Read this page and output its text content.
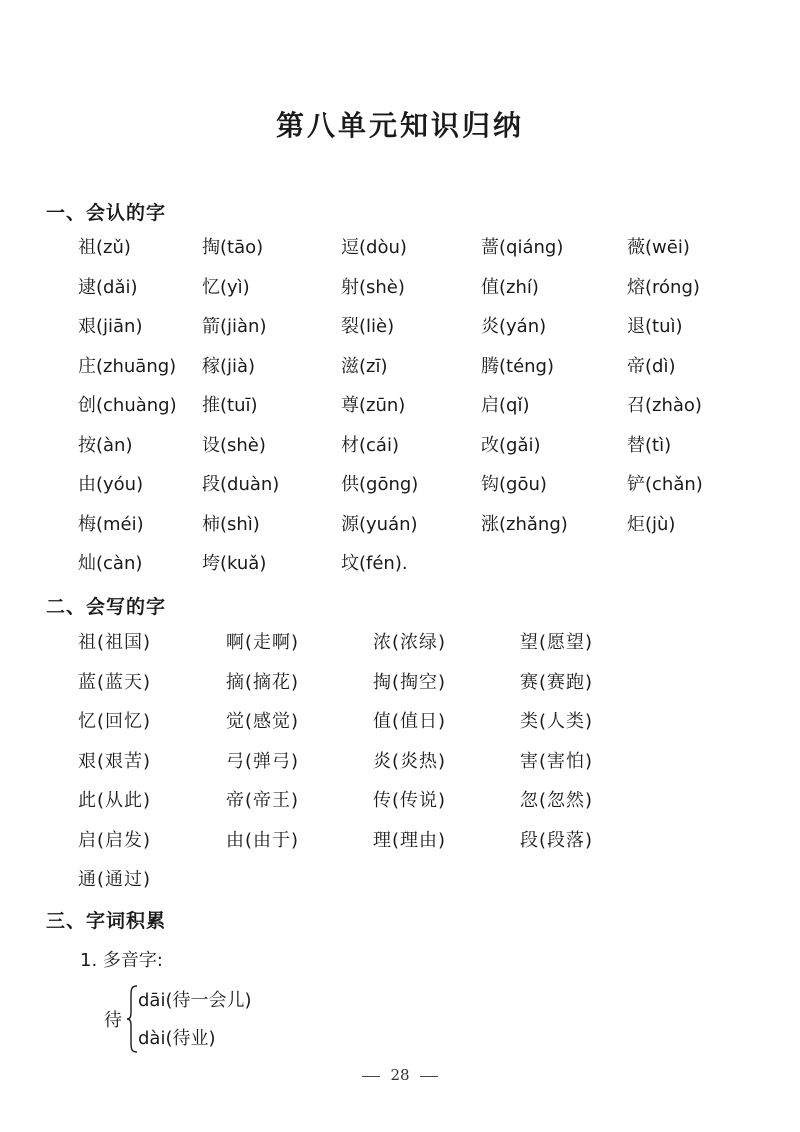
第八单元知识归纳
一、会认的字
祖(zǔ)	掏(tāo)	逗(dòu)	蔷(qiáng)	薇(wēi)
逮(dǎi)	忆(yì)	射(shè)	值(zhí)	熔(róng)
艰(jiān)	箭(jiàn)	裂(liè)	炎(yán)	退(tuì)
庄(zhuāng)	稼(jià)	滋(zī)	腾(téng)	帝(dì)
创(chuàng)	推(tuī)	尊(zūn)	启(qǐ)	召(zhào)
按(àn)	设(shè)	材(cái)	改(gǎi)	替(tì)
由(yóu)	段(duàn)	供(gōng)	钩(gōu)	铲(chǎn)
梅(méi)	柿(shì)	源(yuán)	涨(zhǎng)	炬(jù)
灿(càn)	垮(kuǎ)	坟(fén).
二、会写的字
祖(祖国)	啊(走啊)	浓(浓绿)	望(愿望)
蓝(蓝天)	摘(摘花)	掏(掏空)	赛(赛跑)
忆(回忆)	觉(感觉)	值(值日)	类(人类)
艰(艰苦)	弓(弹弓)	炎(炎热)	害(害怕)
此(从此)	帝(帝王)	传(传说)	忽(忽然)
启(启发)	由(由于)	理(理由)	段(段落)
通(通过)
三、字词积累
1. 多音字:
待
dāi(待一会儿)
dài(待业)
28
